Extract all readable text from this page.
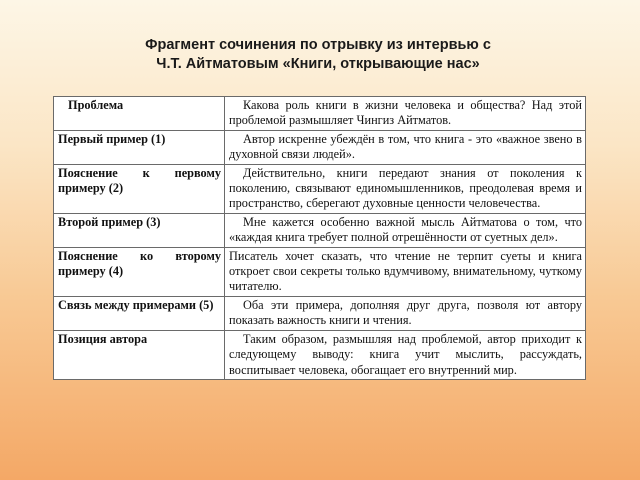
Фрагмент сочинения по отрывку из интервью с
Ч.Т. Айтматовым «Книги, открывающие нас»
Проблема	Какова роль книги в жизни человека и общества? Над этой проблемой размышляет Чингиз Айтматов.

Первый пример (1)	Автор искренне убеждён в том, что книга - это «важное звено в духовной связи людей».

Пояснение к первому примеру (2)	Действительно, книги передают знания от поколения к поколению, связывают единомышленников, преодолевая время и пространство, сберегают духовные ценности человечества.

Второй пример (3)	Мне кажется особенно важной мысль Айтматова о том, что «каждая книга требует полной отрешённости от суетных дел».

Пояснение ко второму примеру (4)	Писатель хочет сказать, что чтение не терпит суеты и книга откроет свои секреты только вдумчивому, внимательному, чуткому читателю.
Связь между примерами (5)	Оба эти примера, дополняя друг друга, позволя ют автору показать важность книги и чтения.

Позиция автора	Таким образом, размышляя над проблемой, автор приходит к следующему выводу: книга учит мыслить, рассуждать, воспитывает человека, обогащает его внутренний мир.
